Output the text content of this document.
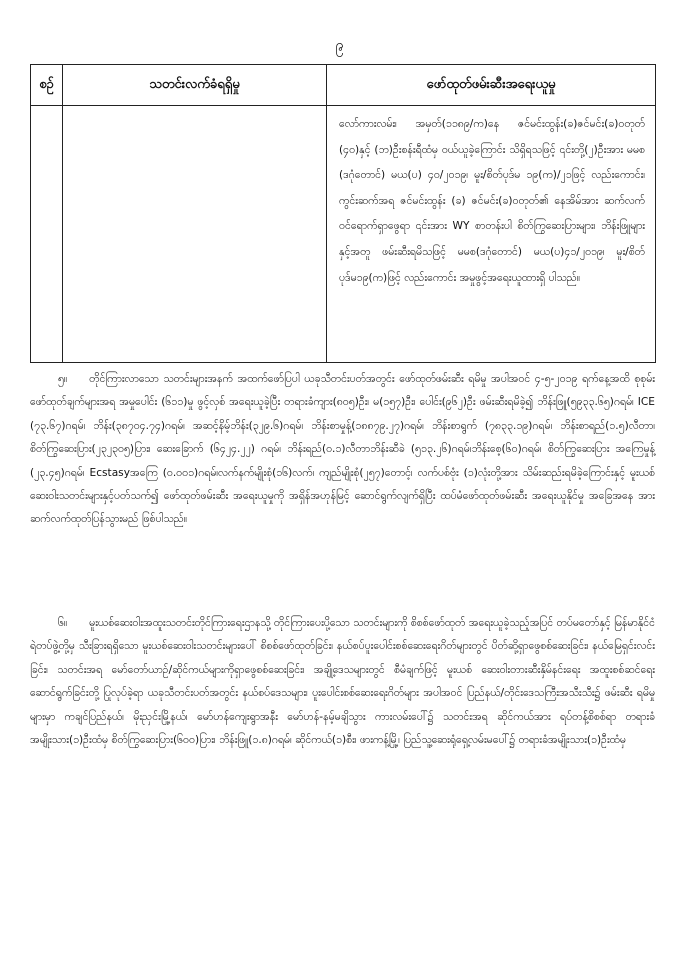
၉
စဉ်	သတင်းလက်ခံရရှိမှု	ဖော်ထုတ်ဖမ်းဆီးအရေးယူမှု
		လော်ကားလမ်း၊ အမှတ်(၁၁၈၉/က)နေ ဇင်မင်းထွန်း(ခ)ဇင်မင်း(ခ)၀တုတ် (၄၀)နှင့် (ဘ)ဦးစန်းရီထံမှ ဝယ်ယူခဲ့ကြောင်း သိရှိရသဖြင့် ၎င်းတို့(၂)ဦးအား မမစ (ဒဂုံတောင်) မယ(ပ) ၄၀/၂၀၁၉၊ မူး/စိတ်ပုဒ်မ ၁၉(က)/၂၁ဖြင့် လည်းကောင်း၊ ကွင်းဆက်အရ ဇင်မင်းထွန်း (ခ) ဇင်မင်း(ခ)၀တုတ်၏ နေအိမ်အား ဆက်လက် ဝင်ရောက်ရှာဖွေရာ ၎င်းအား WY စာတန်းပါ စိတ်ကြွဆေးပြားများ၊ ဘိန်းဖြူများနှင့်အတူ ဖမ်းဆီးရမိသဖြင့် မမစ(ဒဂုံတောင်) မယ(ပ)၄၁/၂၀၁၉၊ မူး/စိတ်ပုဒ်မ၁၉(က)ဖြင့် လည်းကောင်း အမှုဖွင့်အရေးယူထားရှိ ပါသည်။

၅။ တိုင်ကြားလာသော သတင်းများအနက် အထက်ဖော်ပြပါ ယခုသီတင်းပတ်အတွင်း ဖော်ထုတ်ဖမ်းဆီး ရမိမှု အပါအဝင် ၄-၅-၂၀၁၉ ရက်နေ့အထိ စုစုမ်းဖော်ထုတ်ချက်များအရ အမှုပေါင်း (၆၁၁)မှု ဖွင့်လှစ် အရေးယူခဲ့ပြီး တရားခံကျား(၈၀၅)ဦး၊ မ(၁၅၇)ဦး၊ ပေါင်း(၉၆၂)ဦး ဖမ်းဆီးရမိခဲ့၍ ဘိန်းဖြူ(၅၉၃၃.၆၅)ဂရမ်၊ ICE (၇၃.၆၇)ဂရမ်၊ ဘိန်း(၃၈၇၀၄.၇၄)ဂရမ်၊ အဆင့်နိမ့်ဘိန်း(၃၂၉.၆)ဂရမ်၊ ဘိန်းစာမှုန့်(၁၈၈၇၉.၂၇)ဂရမ်၊ ဘိန်းစာရွက် (၇၈၃၃.၁၉)ဂရမ်၊ ဘိန်းစာရည်(၁.၅)လီတာ၊ စိတ်ကြွဆေးပြား(၂၃၂၃၀၅)ပြား၊ ဆေးခြောက် (၆၄၂၄.၂၂) ဂရမ်၊ ဘိန်းရည်(၀.၁)လီတာဘိန်းဆီခဲ (၅၁၃.၂၆)ဂရမ်၊ဘိန်းစေ့(၆၀)ဂရမ်၊ စိတ်ကြွဆေးပြား အကြေမှုန့် (၂၃.၄၅)ဂရမ်၊ Ecstasyအကြေ (၀.၀၀၁)ဂရမ်၊လက်နက်မျိုးစုံ(၁၆)လက်၊ ကျည်မျိုးစုံ(၂၅၇)တောင့်၊ လက်ပစ်ဗုံး (၁)လုံးတို့အား သိမ်းဆည်းရမိခဲ့ကြောင်းနှင့် မူးယစ်ဆေးဝါးသတင်းများနှင့်ပတ်သက်၍ ဖော်ထုတ်ဖမ်းဆီး အရေးယူမှုကို အရှိန်အဟုန်မြင့် ဆောင်ရွက်လျက်ရှိပြီး ထပ်မံဖော်ထုတ်ဖမ်းဆီး အရေးယူနိုင်မှု အခြေအနေ အား ဆက်လက်ထုတ်ပြန်သွားမည် ဖြစ်ပါသည်။

၆။ မူးယစ်ဆေးဝါးအထူးသတင်းတိုင်ကြားရေးဌာနသို့ တိုင်ကြားပေးပို့သော သတင်းများကို စိစစ်ဖော်ထုတ် အရေးယူခဲ့သည့်အပြင် တပ်မတော်နှင့် မြန်မာနိုင်ငံရဲတပ်ဖွဲ့တို့မှ သီးခြားရရှိသော မူးယစ်ဆေးဝါးသတင်းများပေါ် စိစစ်ဖော်ထုတ်ခြင်း၊ နယ်စပ်ပူးပေါင်းစစ်ဆေးရေးဂိတ်များတွင် ပိတ်ဆို့ရှာဖွေစစ်ဆေးခြင်း၊ နယ်မြေရှင်းလင်းခြင်း၊ သတင်းအရ မော်တော်ယာဉ်/ဆိုင်ကယ်များကိုရှာဖွေစစ်ဆေးခြင်း၊ အချို့ဒေသများတွင် စီမံချက်ဖြင့် မူးယစ် ဆေးဝါးတားဆီးနှိမ်နင်းရေး အထူးစစ်ဆင်ရေးဆောင်ရွက်ခြင်းတို့ ပြုလုပ်ခဲ့ရာ ယခုသီတင်းပတ်အတွင်း နယ်စပ်ဒေသများ၊ ပူးပေါင်းစစ်ဆေးရေးဂိတ်များ အပါအဝင် ပြည်နယ်/တိုင်းဒေသကြီးအသီးသီး၌ ဖမ်းဆီး ရမိမှုများမှာ ကချင်ပြည်နယ်၊ မိုးညှင်းမြို့နယ်၊ မော်ဟန်ကျေးရွာအနီး မော်ဟန်-နမ့်မချိသွား ကားလမ်းပေါ်၌ သတင်းအရ ဆိုင်ကယ်အား ရပ်တန့်စိစစ်ရာ တရားခံအမျိုးသား(၁)ဦးထံမှ စိတ်ကြွဆေးပြား(၆၀၀)ပြား၊ ဘိန်းဖြူ(၁.၈)ဂရမ်၊ ဆိုင်ကယ်(၁)စီး၊ ဖားကန့်မြို့၊ ပြည်သူ့ဆေးရုံရှေ့လမ်းမပေါ်၌ တရားခံအမျိုးသား(၁)ဦးထံမှ
